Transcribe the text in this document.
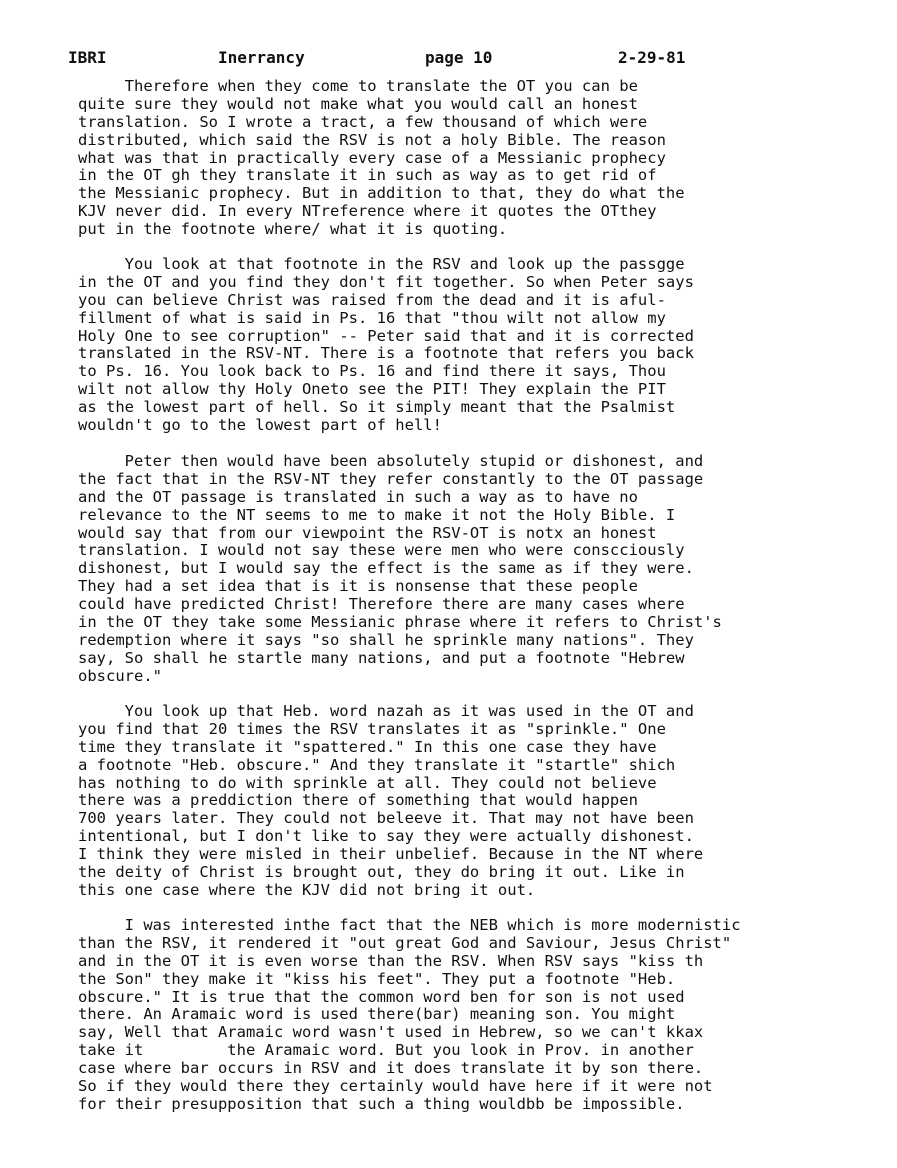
IBRI	Inerrancy	page 10	2-29-81
Therefore when they come to translate the OT you can be
quite sure they would not make what you would call an honest
translation. So I wrote a tract, a few thousand of which were
distributed, which said the RSV is not a holy Bible. The reason
what was that in practically every case of a Messianic prophecy
in the OT gh they translate it in such as way as to get rid of
the Messianic prophecy. But in addition to that, they do what the
KJV never did. In every NTreference where it quotes the OTthey
put in the footnote where/ what it is quoting.
You look at that footnote in the RSV and look up the passgge
in the OT and you find they don't fit together. So when Peter says
you can believe Christ was raised from the dead and it is aful-
fillment of what is said in Ps. 16 that "thou wilt not allow my
Holy One to see corruption" -- Peter said that and it is corrected
translated in the RSV-NT. There is a footnote that refers you back
to Ps. 16. You look back to Ps. 16 and find there it says, Thou
wilt not allow thy Holy Oneto see the PIT! They explain the PIT
as the lowest part of hell. So it simply meant that the Psalmist
wouldn't go to the lowest part of hell!
Peter then would have been absolutely stupid or dishonest, and
the fact that in the RSV-NT they refer constantly to the OT passage
and the OT passage is translated in such a way as to have no
relevance to the NT seems to me to make it not the Holy Bible. I
would say that from our viewpoint the RSV-OT is notx an honest
translation. I would not say these were men who were conscciously
dishonest, but I would say the effect is the same as if they were.
They had a set idea that is it is nonsense that these people
could have predicted Christ! Therefore there are many cases where
in the OT they take some Messianic phrase where it refers to Christ's
redemption where it says "so shall he sprinkle many nations". They
say, So shall he startle many nations, and put a footnote "Hebrew
obscure."
You look up that Heb. word nazah as it was used in the OT and
you find that 20 times the RSV translates it as "sprinkle." One
time they translate it "spattered." In this one case they have
a footnote "Heb. obscure." And they translate it "startle" shich
has nothing to do with sprinkle at all. They could not believe
there was a preddiction there of something that would happen
700 years later. They could not beleeve it. That may not have been
intentional, but I don't like to say they were actually dishonest.
I think they were misled in their unbelief. Because in the NT where
the deity of Christ is brought out, they do bring it out. Like in
this one case where the KJV did not bring it out.
I was interested inthe fact that the NEB which is more modernistic
than the RSV, it rendered it "out great God and Saviour, Jesus Christ"
and in the OT it is even worse than the RSV. When RSV says "kiss th
the Son" they make it "kiss his feet". They put a footnote "Heb.
obscure." It is true that the common word ben for son is not used
there. An Aramaic word is used there(bar) meaning son. You might
say, Well that Aramaic word wasn't used in Hebrew, so we can't kkax
take it         the Aramaic word. But you look in Prov. in another
case where bar occurs in RSV and it does translate it by son there.
So if they would there they certainly would have here if it were not
for their presupposition that such a thing wouldbb be impossible.
